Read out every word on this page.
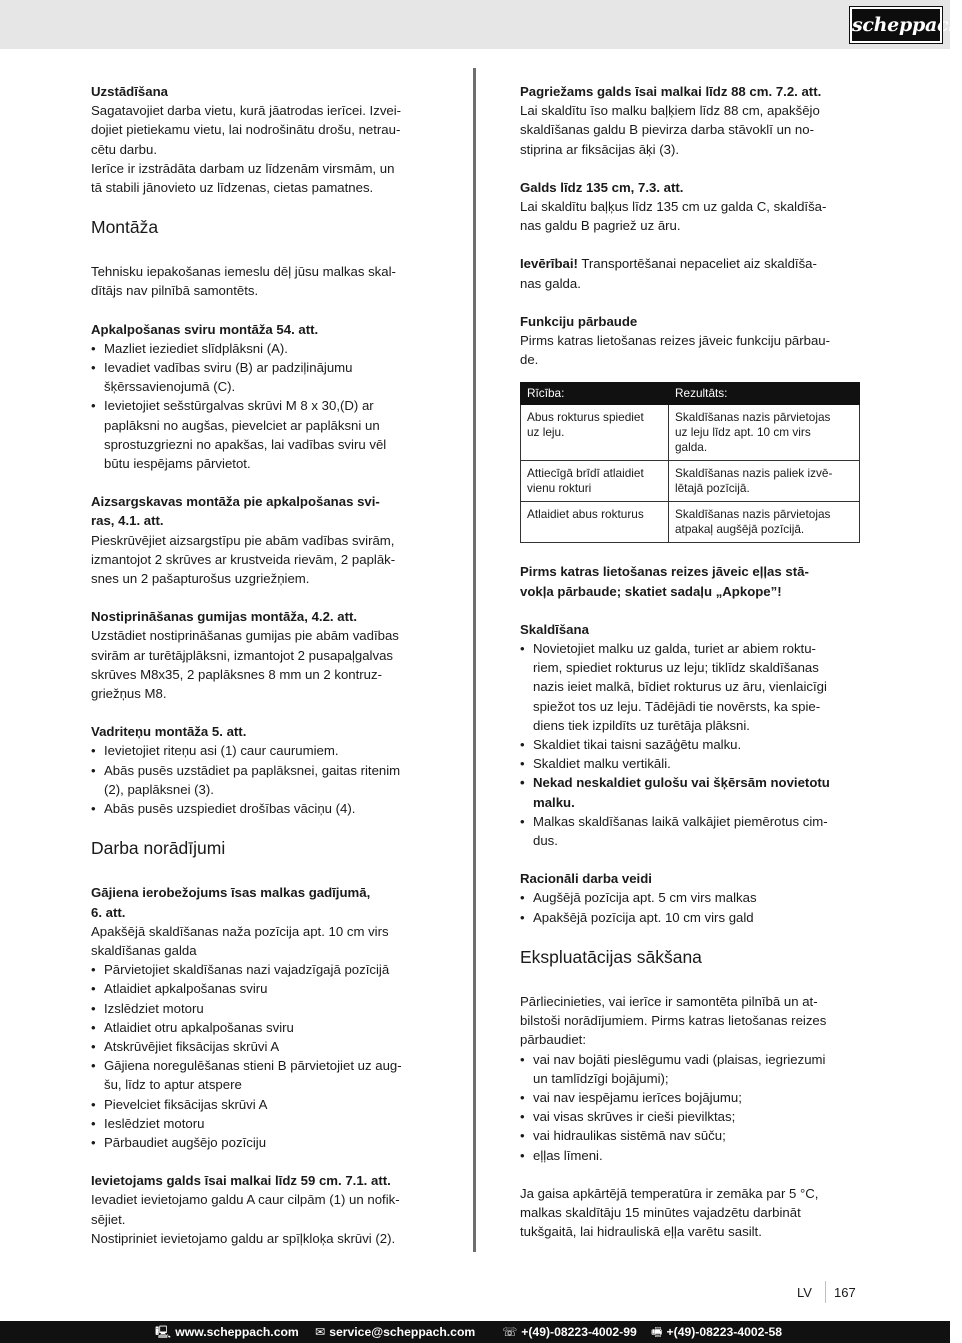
scheppach

Uzstādīšana

Sagatavojiet darba vietu, kurā jāatrodas ierīcei. Izvei-
dojiet pietiekamu vietu, lai nodrošinātu drošu, netrau-
cētu darbu.
Ierīce ir izstrādāta darbam uz līdzenām virsmām, un
tā stabili jānovieto uz līdzenas, cietas pamatnes.

Montāža

Tehnisku iepakošanas iemeslu dēļ jūsu malkas skal-
dītājs nav pilnībā samontēts.

Apkalpošanas sviru montāža 54. att.

• Mazliet ieziediet slīdplāksni (A).
• Ievadiet vadības sviru (B) ar padziļinājumu
šķērssavienojumā (C).
• Ievietojiet sešstūrgalvas skrūvi M 8 x 30,(D) ar
paplāksni no augšas, pievelciet ar paplāksni un
sprostuzgriezni no apakšas, lai vadības sviru vēl
būtu iespējams pārvietot.

Aizsargskavas montāža pie apkalpošanas svi-
ras, 4.1. att.

Pieskrūvējiet aizsargstīpu pie abām vadības svirām,
izmantojot 2 skrūves ar krustveida rievām, 2 paplāk-
snes un 2 pašapturošus uzgriežņiem.

Nostiprināšanas gumijas montāža, 4.2. att.

Uzstādiet nostiprināšanas gumijas pie abām vadības
svirām ar turētājplāksni, izmantojot 2 pusapaļgalvas
skrūves M8x35, 2 paplāksnes 8 mm un 2 kontruz-
griežņus M8.

Vadriteņu montāža 5. att.

• Ievietojiet riteņu asi (1) caur caurumiem.
• Abās pusēs uzstādiet pa paplāksnei, gaitas ritenim
(2), paplāksnei (3).
• Abās pusēs uzspiediet drošības vāciņu (4).
Darba norādījumi

Gājiena ierobežojums īsas malkas gadījumā,
6. att.

Apakšējā skaldīšanas naža pozīcija apt. 10 cm virs
skaldīšanas galda

• Pārvietojiet skaldīšanas nazi vajadzīgajā pozīcijā
• Atlaidiet apkalpošanas sviru
• Izslēdziet motoru
• Atlaidiet otru apkalpošanas sviru
• Atskrūvējiet fiksācijas skrūvi A
• Gājiena noregulēšanas stieni B pārvietojiet uz aug-
šu, līdz to aptur atspere
• Pievelciet fiksācijas skrūvi A
• Ieslēdziet motoru
• Pārbaudiet augšējo pozīciju

Ievietojams galds īsai malkai līdz 59 cm. 7.1. att.

Ievadiet ievietojamo galdu A caur cilpām (1) un nofik-
sējiet.
Nostipriniet ievietojamo galdu ar spīļkloķa skrūvi (2).

Pagriežams galds īsai malkai līdz 88 cm. 7.2. att.

Lai skaldītu īso malku baļķiem līdz 88 cm, apakšējo
skaldīšanas galdu B pievirza darba stāvoklī un no-
stiprina ar fiksācijas āķi (3).

Galds līdz 135 cm, 7.3. att.

Lai skaldītu baļķus līdz 135 cm uz galda C, skaldīša-
nas galdu B pagriež uz āru.

Ievērībai! Transportēšanai nepaceliet aiz skaldīša-
nas galda.

Funkciju pārbaude

Pirms katras lietošanas reizes jāveic funkciju pārbau-
de.

Rīcība:	Rezultāts:
Abus rokturus spiediet
uz leju.	Skaldīšanas nazis pārvietojas
uz leju līdz apt. 10 cm virs
galda.
Attiecīgā brīdī atlaidiet
vienu rokturi	Skaldīšanas nazis paliek izvē-
lētajā pozīcijā.
Atlaidiet abus rokturus	Skaldīšanas nazis pārvietojas
atpakaļ augšējā pozīcijā.

Pirms katras lietošanas reizes jāveic eļļas stā-
vokļa pārbaude; skatiet sadaļu „Apkope”!

Skaldīšana

• Novietojiet malku uz galda, turiet ar abiem roktu-
riem, spiediet rokturus uz leju; tiklīdz skaldīšanas
nazis ieiet malkā, bīdiet rokturus uz āru, vienlaicīgi
spiežot tos uz leju. Tādējādi tie novērsts, ka spie-
diens tiek izpildīts uz turētāja plāksni.
• Skaldiet tikai taisni sazāģētu malku.
• Skaldiet malku vertikāli.
• Nekad neskaldiet gulošu vai šķērsām novietotu
malku.
• Malkas skaldīšanas laikā valkājiet piemērotus cim-
dus.

Racionāli darba veidi

• Augšējā pozīcija apt. 5 cm virs malkas
• Apakšējā pozīcija apt. 10 cm virs gald
Ekspluatācijas sākšana

Pārliecinieties, vai ierīce ir samontēta pilnībā un at-
bilstoši norādījumiem. Pirms katras lietošanas reizes
pārbaudiet:

• vai nav bojāti pieslēgumu vadi (plaisas, iegriezumi
un tamlīdzīgi bojājumi);
• vai nav iespējamu ierīces bojājumu;
• vai visas skrūves ir cieši pievilktas;
• vai hidraulikas sistēmā nav sūču;
• eļļas līmeni.

Ja gaisa apkārtējā temperatūra ir zemāka par 5 °C,
malkas skaldītāju 15 minūtes vajadzētu darbināt
tukšgaitā, lai hidrauliskā eļļa varētu sasilt.

LV 167
🖳 www.scheppach.com ✉ service@scheppach.com ☏ +(49)-08223-4002-99 🖷 +(49)-08223-4002-58
